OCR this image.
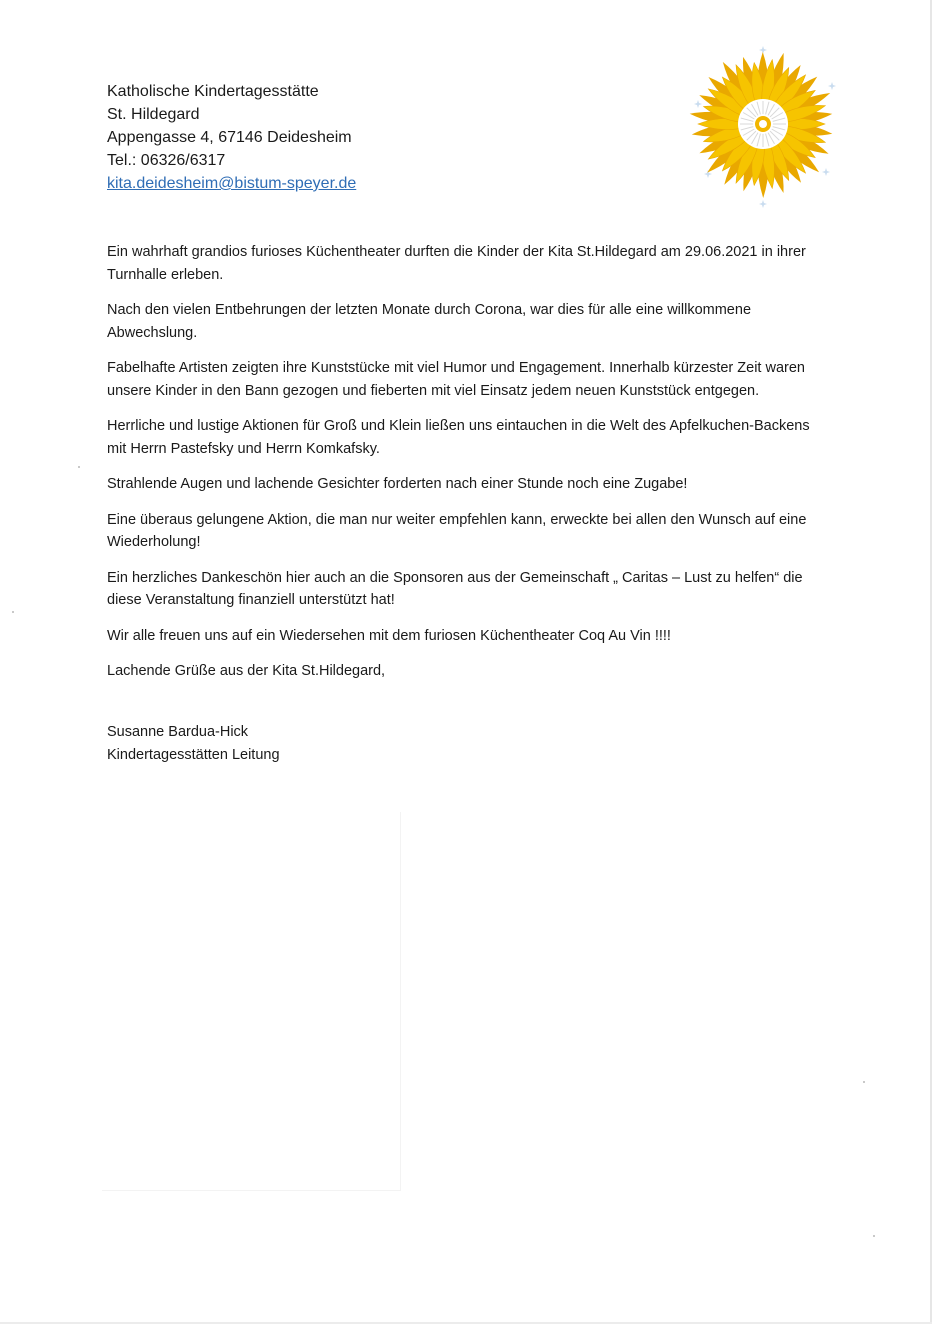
Katholische Kindertagesstätte
St. Hildegard
Appengasse 4, 67146 Deidesheim
Tel.: 06326/6317
kita.deidesheim@bistum-speyer.de

Ein wahrhaft grandios furioses Küchentheater durften die Kinder der Kita St.Hildegard am 29.06.2021 in ihrer Turnhalle erleben.

Nach den vielen Entbehrungen der letzten Monate durch Corona, war dies für alle eine willkommene Abwechslung.

Fabelhafte Artisten zeigten ihre Kunststücke mit viel Humor und Engagement. Innerhalb kürzester Zeit waren unsere Kinder in den Bann gezogen und fieberten mit viel Einsatz jedem neuen Kunststück entgegen.

Herrliche und lustige Aktionen für Groß und Klein ließen uns eintauchen in die Welt des Apfelkuchen-Backens mit Herrn Pastefsky und Herrn Komkafsky.

Strahlende Augen und lachende Gesichter forderten nach einer Stunde noch eine Zugabe!

Eine überaus gelungene Aktion, die man nur weiter empfehlen kann, erweckte bei allen den Wunsch auf eine Wiederholung!

Ein herzliches Dankeschön hier auch an die Sponsoren aus der Gemeinschaft „ Caritas – Lust zu helfen“ die diese Veranstaltung finanziell unterstützt hat!

Wir alle freuen uns auf ein Wiedersehen mit dem furiosen Küchentheater Coq Au Vin !!!!

Lachende Grüße aus der Kita St.Hildegard,

Susanne Bardua-Hick
Kindertagesstätten Leitung
